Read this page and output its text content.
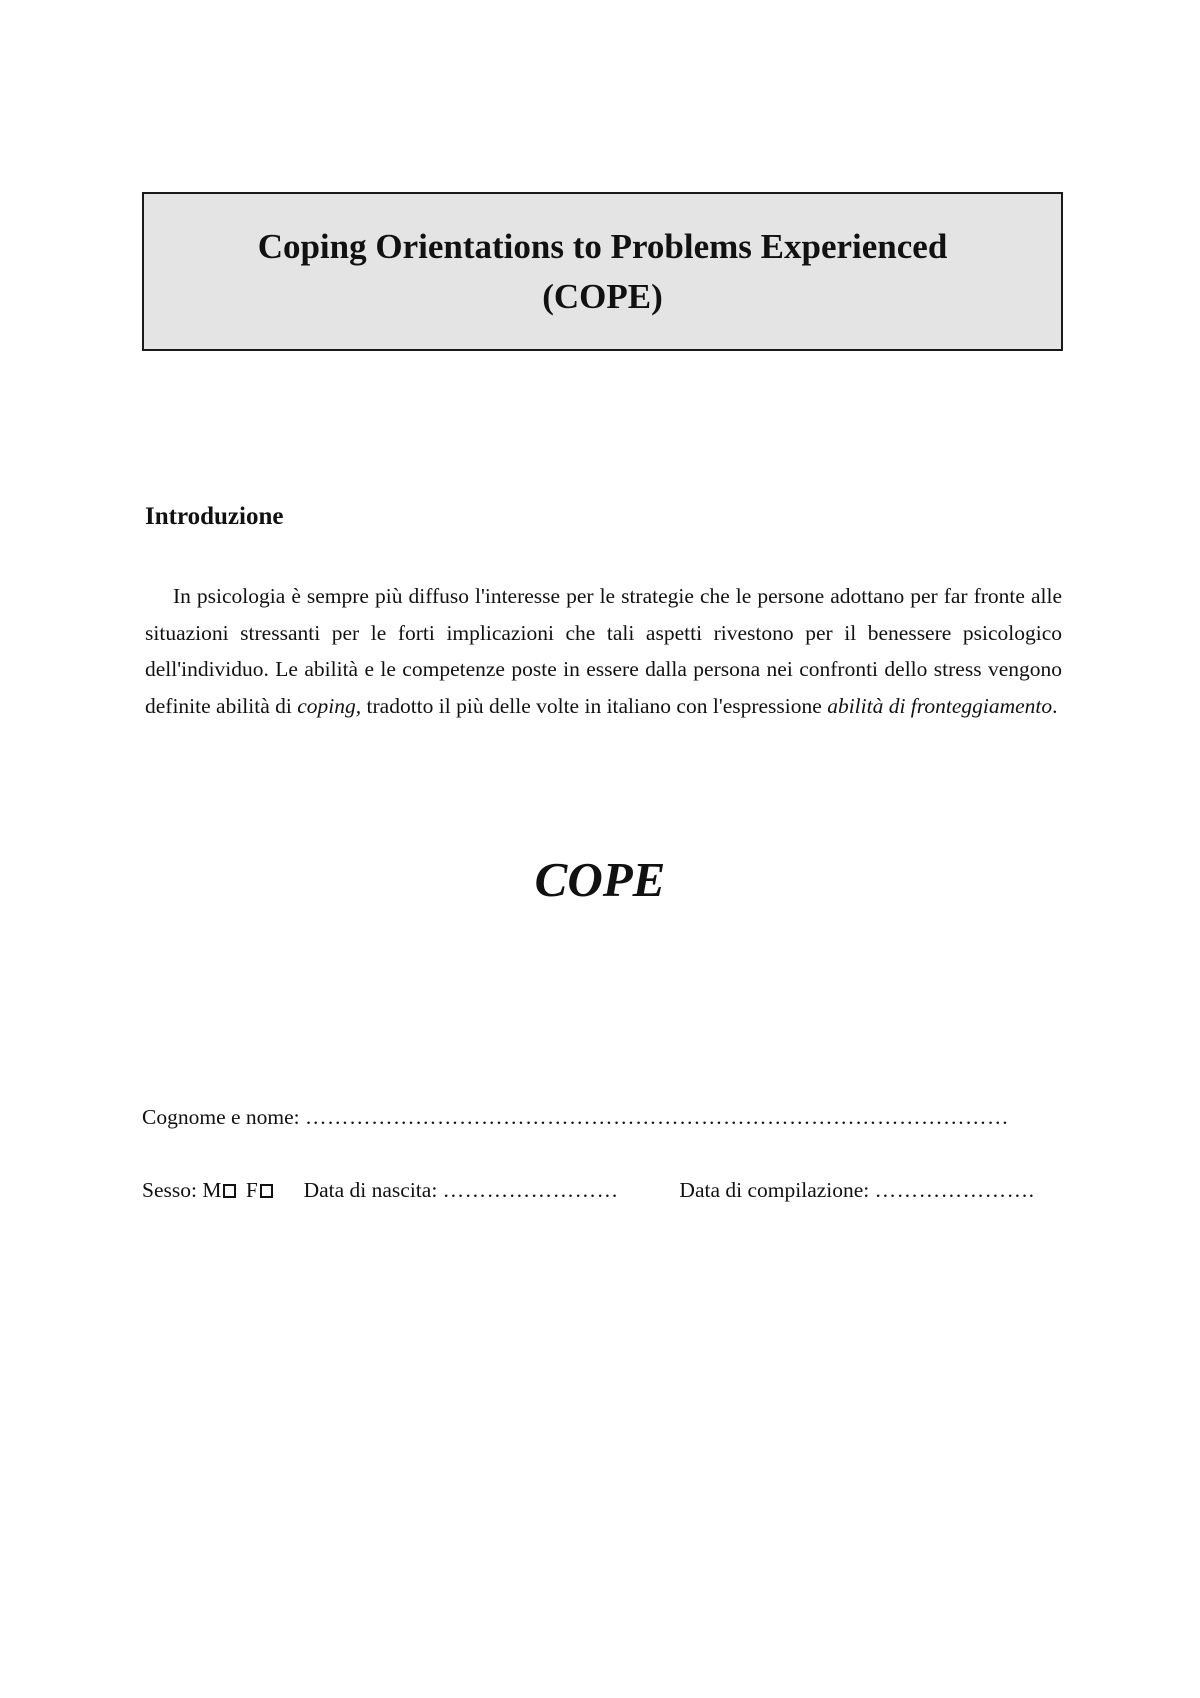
Coping Orientations to Problems Experienced
(COPE)
Introduzione

In psicologia è sempre più diffuso l'interesse per le strategie che le persone adottano per far fronte alle situazioni stressanti per le forti implicazioni che tali aspetti rivestono per il benessere psicologico dell'individuo. Le abilità e le competenze poste in essere dalla persona nei confronti dello stress vengono definite abilità di coping, tradotto il più delle volte in italiano con l'espressione abilità di fronteggiamento.

COPE
Cognome e nome: ……………………………………………………………………………………
Sesso: M F Data di nascita: ……………………	Data di compilazione: ………………….
